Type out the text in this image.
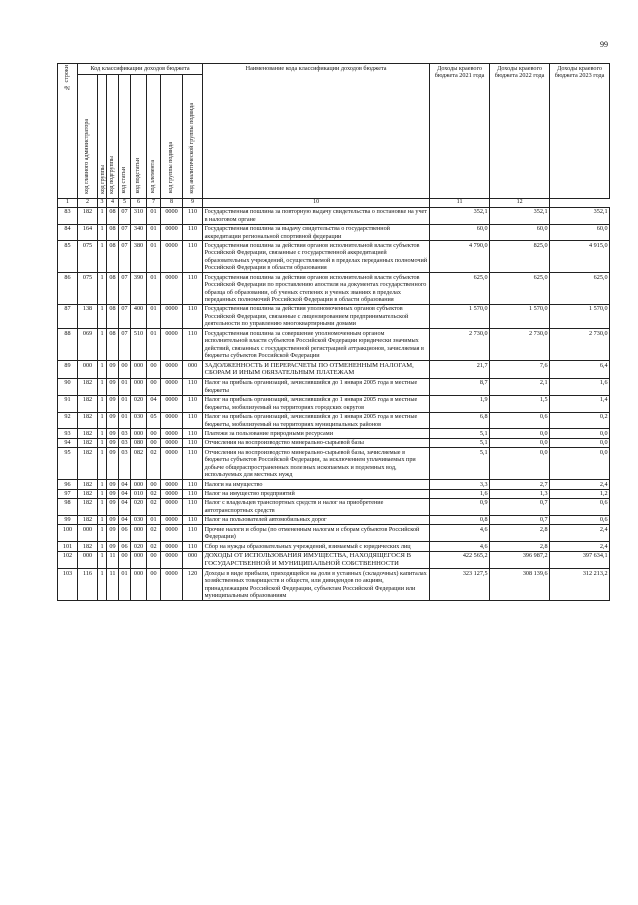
99
№ строки	Код классификации доходов бюджета								Наименование кода классификации доходов бюджета	Доходы краевого бюджета 2021 года	Доходы краевого бюджета 2022 года	Доходы краевого бюджета 2023 года

	код главного администратора	код группы	код подгруппы	код статьи	код подстатьи	код элемента	код группы подвида	код аналитической группы подвида				

1	2	3	4	5	6	7	8	9	10	11	12	
83	182	1	08	07	310	01	0000	110	Государственная пошлина за повторную выдачу свидетельства о постановке на учет в налоговом органе	352,1	352,1	352,1
84	164	1	08	07	340	01	0000	110	Государственная пошлина за выдачу свидетельства о государственной аккредитации региональной спортивной федерации	60,0	60,0	60,0
85	075	1	08	07	380	01	0000	110	Государственная пошлина за действия органов исполнительной власти субъектов Российской Федерации, связанные с государственной аккредитацией образовательных учреждений, осуществляемой в пределах переданных полномочий Российской Федерации в области образования	4 790,0	825,0	4 915,0
86	075	1	08	07	390	01	0000	110	Государственная пошлина за действия органов исполнительной власти субъектов Российской Федерации по проставлению апостиля на документах государственного образца об образовании, об ученых степенях и ученых званиях в пределах переданных полномочий Российской Федерации в области образования	625,0	625,0	625,0
87	138	1	08	07	400	01	0000	110	Государственная пошлина за действия уполномоченных органов субъектов Российской Федерации, связанные с лицензированием предпринимательской деятельности по управлению многоквартирными домами	1 570,0	1 570,0	1 570,0
88	069	1	08	07	510	01	0000	110	Государственная пошлина за совершение уполномоченным органом исполнительной власти субъектов Российской Федерации юридически значимых действий, связанных с государственной регистрацией аттракционов, зачисляемая в бюджеты субъектов Российской Федерации	2 730,0	2 730,0	2 730,0
89	000	1	09	00	000	00	0000	000	ЗАДОЛЖЕННОСТЬ И ПЕРЕРАСЧЕТЫ ПО ОТМЕНЕННЫМ НАЛОГАМ, СБОРАМ И ИНЫМ ОБЯЗАТЕЛЬНЫМ ПЛАТЕЖАМ	21,7	7,6	6,4
90	182	1	09	01	000	00	0000	110	Налог на прибыль организаций, зачислявшийся до 1 января 2005 года в местные бюджеты	8,7	2,1	1,6
91	182	1	09	01	020	04	0000	110	Налог на прибыль организаций, зачислявшийся до 1 января 2005 года в местные бюджеты, мобилизуемый на территориях городских округов	1,9	1,5	1,4
92	182	1	09	01	030	05	0000	110	Налог на прибыль организаций, зачислявшийся до 1 января 2005 года в местные бюджеты, мобилизуемый на территориях муниципальных районов	6,8	0,6	0,2
93	182	1	09	03	000	00	0000	110	Платежи за пользование природными ресурсами	5,1	0,0	0,0
94	182	1	09	03	080	00	0000	110	Отчисления на воспроизводство минерально-сырьевой базы	5,1	0,0	0,0
95	182	1	09	03	082	02	0000	110	Отчисления на воспроизводство минерально-сырьевой базы, зачисляемые в бюджеты субъектов Российской Федерации, за исключением уплачиваемых при добыче общераспространенных полезных ископаемых и подземных вод, используемых для местных нужд	5,1	0,0	0,0
96	182	1	09	04	000	00	0000	110	Налоги на имущество	3,3	2,7	2,4
97	182	1	09	04	010	02	0000	110	Налог на имущество предприятий	1,6	1,3	1,2
98	182	1	09	04	020	02	0000	110	Налог с владельцев транспортных средств и налог на приобретение автотранспортных средств	0,9	0,7	0,6
99	182	1	09	04	030	01	0000	110	Налог на пользователей автомобильных дорог	0,8	0,7	0,6
100	000	1	09	06	000	02	0000	110	Прочие налоги и сборы (по отмененным налогам и сборам субъектов Российской Федерации)	4,6	2,8	2,4
101	182	1	09	06	020	02	0000	110	Сбор на нужды образовательных учреждений, взимаемый с юридических лиц	4,6	2,8	2,4
102	000	1	11	00	000	00	0000	000	ДОХОДЫ ОТ ИСПОЛЬЗОВАНИЯ ИМУЩЕСТВА, НАХОДЯЩЕГОСЯ В ГОСУДАРСТВЕННОЙ И МУНИЦИПАЛЬНОЙ СОБСТВЕННОСТИ	422 565,2	396 987,2	397 634,1
103	116	1	11	01	000	00	0000	120	Доходы в виде прибыли, приходящейся на доли в уставных (складочных) капиталах хозяйственных товариществ и обществ, или дивидендов по акциям, принадлежащим Российской Федерации, субъектам Российской Федерации или муниципальным образованиям	323 127,5	308 139,6	312 213,2
